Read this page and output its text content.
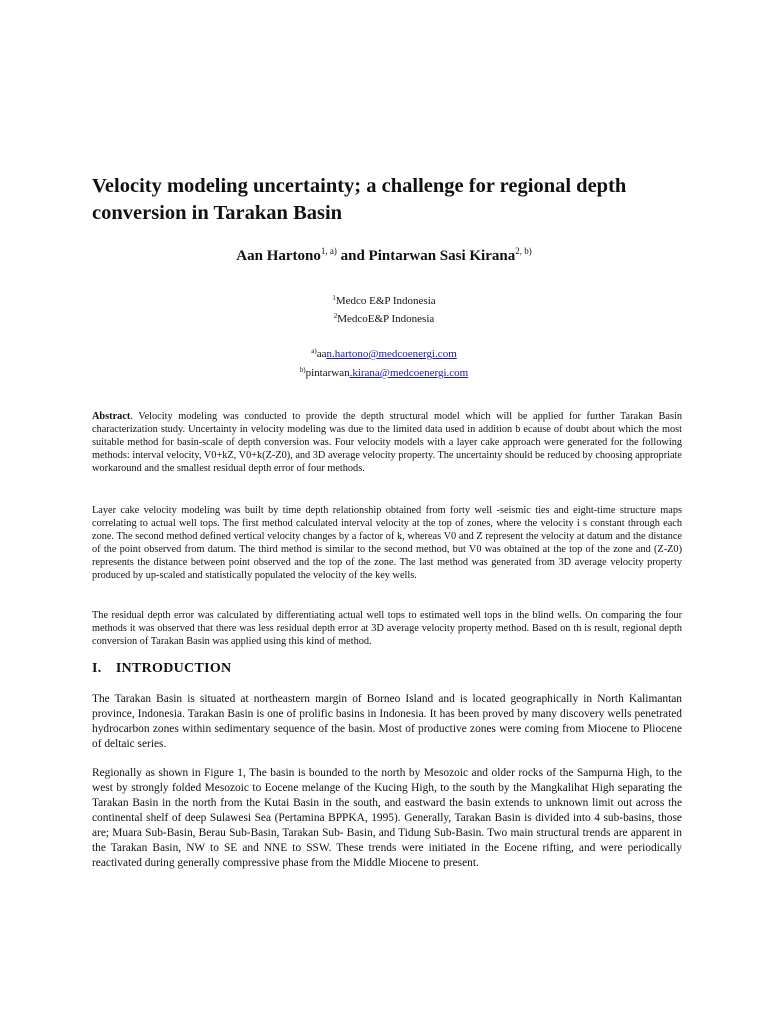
Velocity modeling uncertainty; a challenge for regional depth conversion in Tarakan Basin

Aan Hartono$^{1, a)}$ and Pintarwan Sasi Kirana$^{2, b)}$

$^1$Medco E&P Indonesia

$^2$MedcoE&P Indonesia

$^{a)}$aan.hartono@medcoenergi.com

$^{b)}$pintarwan.kirana@medcoenergi.com

Abstract. Velocity modeling was conducted to provide the depth structural model which will be applied for further Tarakan Basin characterization study. Uncertainty in velocity modeling was due to the limited data used in addition b ecause of doubt about which the most suitable method for basin-scale of depth conversion was. Four velocity models with a layer cake approach were generated for the following methods: interval velocity, V0+kZ, V0+k(Z-Z0), and 3D average velocity property. The uncertainty should be reduced by choosing appropriate workaround and the smallest residual depth error of four methods.

Layer cake velocity modeling was built by time depth relationship obtained from forty well -seismic ties and eight-time structure maps correlating to actual well tops. The first method calculated interval velocity at the top of zones, where the velocity i s constant through each zone. The second method defined vertical velocity changes by a factor of k, whereas V0 and Z represent the velocity at datum and the distance of the point observed from datum. The third method is similar to the second method, but V0 was obtained at the top of the zone and (Z-Z0) represents the distance between point observed and the top of the zone. The last method was generated from 3D average velocity property produced by up-scaled and statistically populated the velocity of the key wells.

The residual depth error was calculated by differentiating actual well tops to estimated well tops in the blind wells. On comparing the four methods it was observed that there was less residual depth error at 3D average velocity property method. Based on th is result, regional depth conversion of Tarakan Basin was applied using this kind of method.

I. INTRODUCTION

The Tarakan Basin is situated at northeastern margin of Borneo Island and is located geographically in North Kalimantan province, Indonesia. Tarakan Basin is one of prolific basins in Indonesia. It has been proved by many discovery wells penetrated hydrocarbon zones within sedimentary sequence of the basin. Most of productive zones were coming from Miocene to Pliocene of deltaic series.

Regionally as shown in Figure 1, The basin is bounded to the north by Mesozoic and older rocks of the Sampurna High, to the west by strongly folded Mesozoic to Eocene melange of the Kucing High, to the south by the Mangkalihat High separating the Tarakan Basin in the north from the Kutai Basin in the south, and eastward the basin extends to unknown limit out across the continental shelf of deep Sulawesi Sea (Pertamina BPPKA, 1995). Generally, Tarakan Basin is divided into 4 sub-basins, those are; Muara Sub-Basin, Berau Sub-Basin, Tarakan Sub- Basin, and Tidung Sub-Basin. Two main structural trends are apparent in the Tarakan Basin, NW to SE and NNE to SSW. These trends were initiated in the Eocene rifting, and were periodically reactivated during generally compressive phase from the Middle Miocene to present.
